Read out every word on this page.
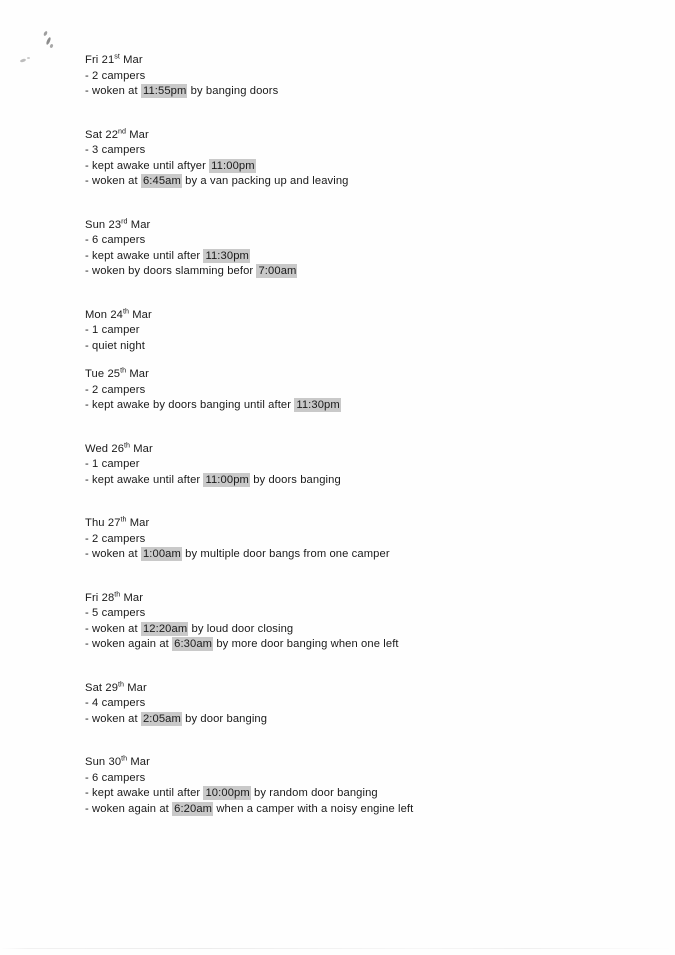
Fri 21st Mar
- 2 campers
- woken at 11:55pm by banging doors
Sat 22nd Mar
- 3 campers
- kept awake until aftyer 11:00pm
- woken at 6:45am by a van packing up and leaving
Sun 23rd Mar
- 6 campers
- kept awake until after 11:30pm
- woken by doors slamming befor 7:00am
Mon 24th Mar
- 1 camper
- quiet night
Tue 25th Mar
- 2 campers
- kept awake by doors banging until after 11:30pm
Wed 26th Mar
- 1 camper
- kept awake until after 11:00pm by doors banging
Thu 27th Mar
- 2 campers
- woken at 1:00am by multiple door bangs from one camper
Fri 28th Mar
- 5 campers
- woken at 12:20am by loud door closing
- woken again at 6:30am by more door banging when one left
Sat 29th Mar
- 4 campers
- woken at 2:05am by door banging
Sun 30th Mar
- 6 campers
- kept awake until after 10:00pm by random door banging
- woken again at 6:20am when a camper with a noisy engine left
